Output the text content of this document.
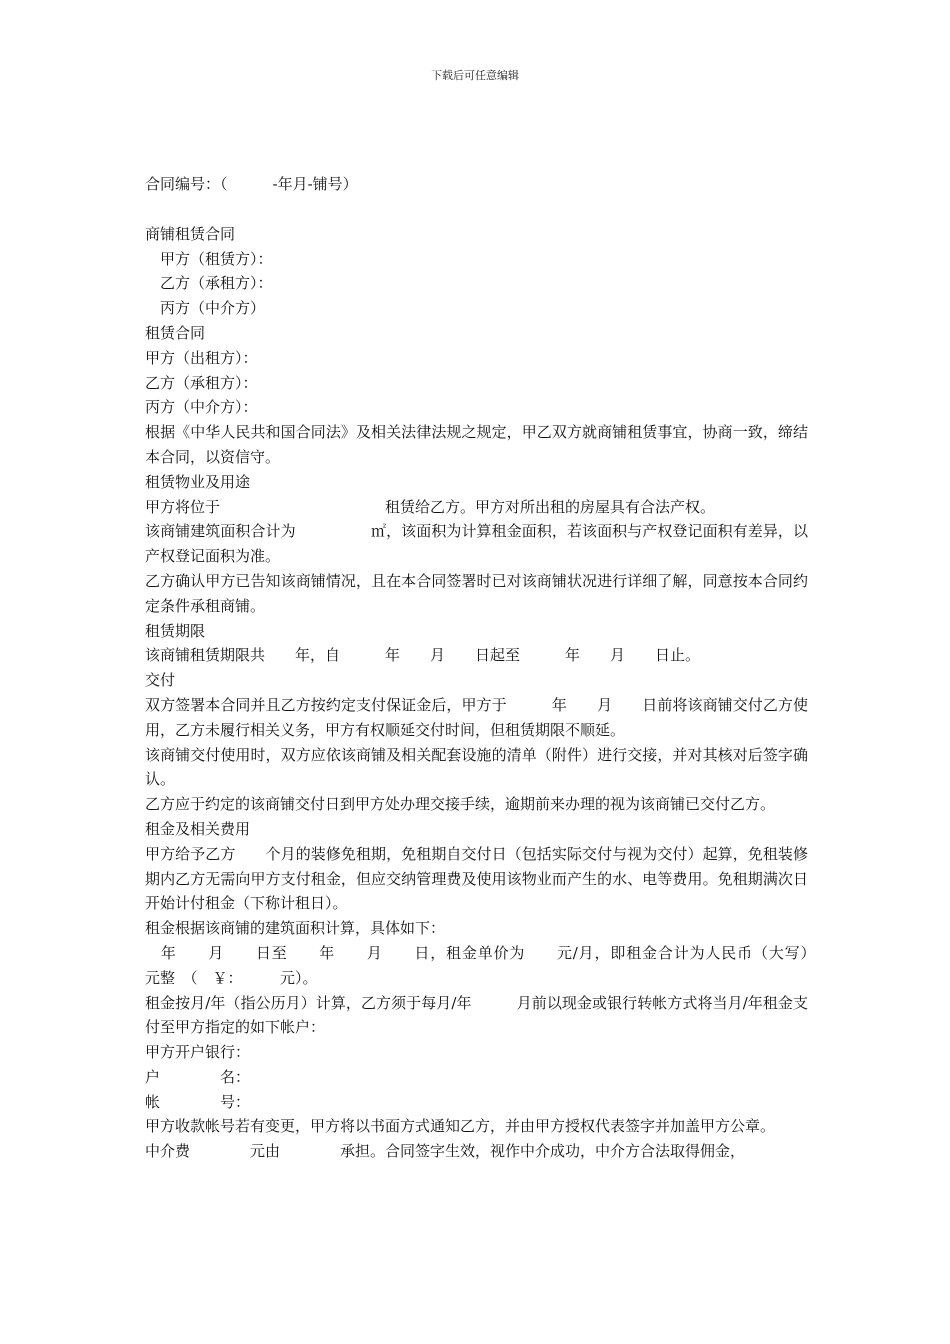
下载后可任意编辑

合同编号：（　　　-年月-铺号）

商铺租赁合同

　甲方（租赁方）：

　乙方（承租方）：

　丙方（中介方）

租赁合同

甲方（出租方）：

乙方（承租方）：

丙方（中介方）：

根据《中华人民共和国合同法》及相关法律法规之规定，甲乙双方就商铺租赁事宜，协商一致，缔结本合同，以资信守。

租赁物业及用途

甲方将位于　　　　　　　　　　　租赁给乙方。甲方对所出租的房屋具有合法产权。

该商铺建筑面积合计为　　　　　㎡，该面积为计算租金面积，若该面积与产权登记面积有差异，以产权登记面积为准。

乙方确认甲方已告知该商铺情况，且在本合同签署时已对该商铺状况进行详细了解，同意按本合同约定条件承租商铺。

租赁期限

该商铺租赁期限共　　年，自　　　年　　月　　日起至　　　年　　月　　日止。

交付

双方签署本合同并且乙方按约定支付保证金后，甲方于　　　年　　月　　日前将该商铺交付乙方使用，乙方未履行相关义务，甲方有权顺延交付时间，但租赁期限不顺延。

该商铺交付使用时，双方应依该商铺及相关配套设施的清单（附件）进行交接，并对其核对后签字确认。

乙方应于约定的该商铺交付日到甲方处办理交接手续，逾期前来办理的视为该商铺已交付乙方。

租金及相关费用

甲方给予乙方　　个月的装修免租期，免租期自交付日（包括实际交付与视为交付）起算，免租装修期内乙方无需向甲方支付租金，但应交纳管理费及使用该物业而产生的水、电等费用。免租期满次日开始计付租金（下称计租日）。

租金根据该商铺的建筑面积计算，具体如下：

　年　　月　　日至　　年　　月　　日，租金单价为　　元/月，即租金合计为人民币（大写）　　　　　元整　（　￥：　　　元）。

租金按月/年（指公历月）计算，乙方须于每月/年　　　月前以现金或银行转帐方式将当月/年租金支付至甲方指定的如下帐户：

甲方开户银行：

户　　　　名：

帐　　　　号：

甲方收款帐号若有变更，甲方将以书面方式通知乙方，并由甲方授权代表签字并加盖甲方公章。

中介费　　　　元由　　　　承担。合同签字生效，视作中介成功，中介方合法取得佣金，
